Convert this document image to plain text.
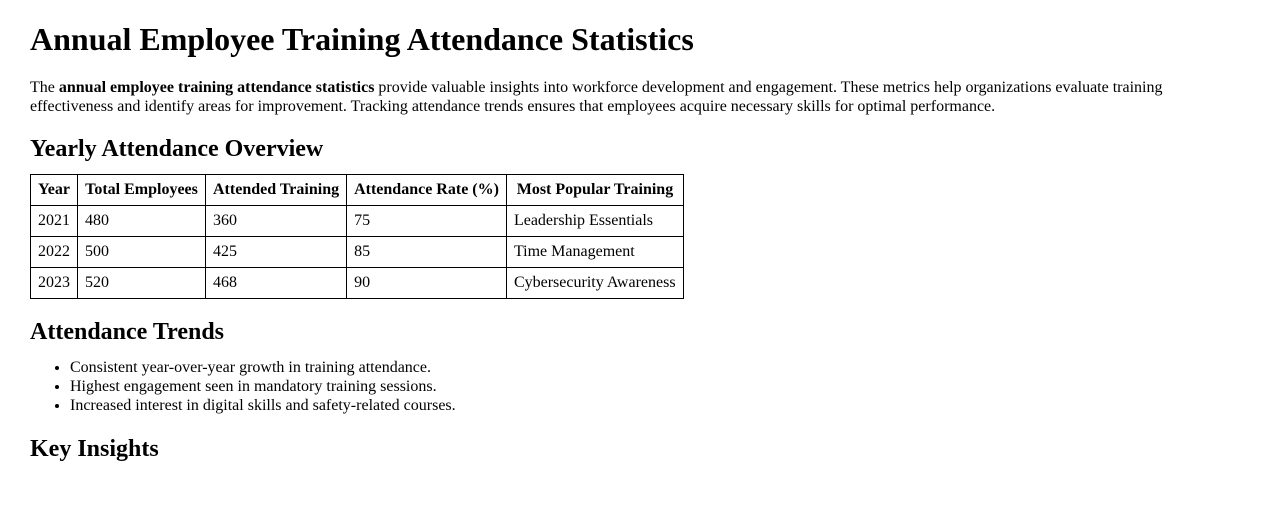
Annual Employee Training Attendance Statistics

The annual employee training attendance statistics provide valuable insights into workforce development and engagement. These metrics help organizations evaluate training effectiveness and identify areas for improvement. Tracking attendance trends ensures that employees acquire necessary skills for optimal performance.

Yearly Attendance Overview
Year	Total Employees	Attended Training	Attendance Rate (%)	Most Popular Training
2021	480	360	75	Leadership Essentials
2022	500	425	85	Time Management
2023	520	468	90	Cybersecurity Awareness
Attendance Trends
• Consistent year-over-year growth in training attendance.
• Highest engagement seen in mandatory training sessions.
• Increased interest in digital skills and safety-related courses.
Key Insights
